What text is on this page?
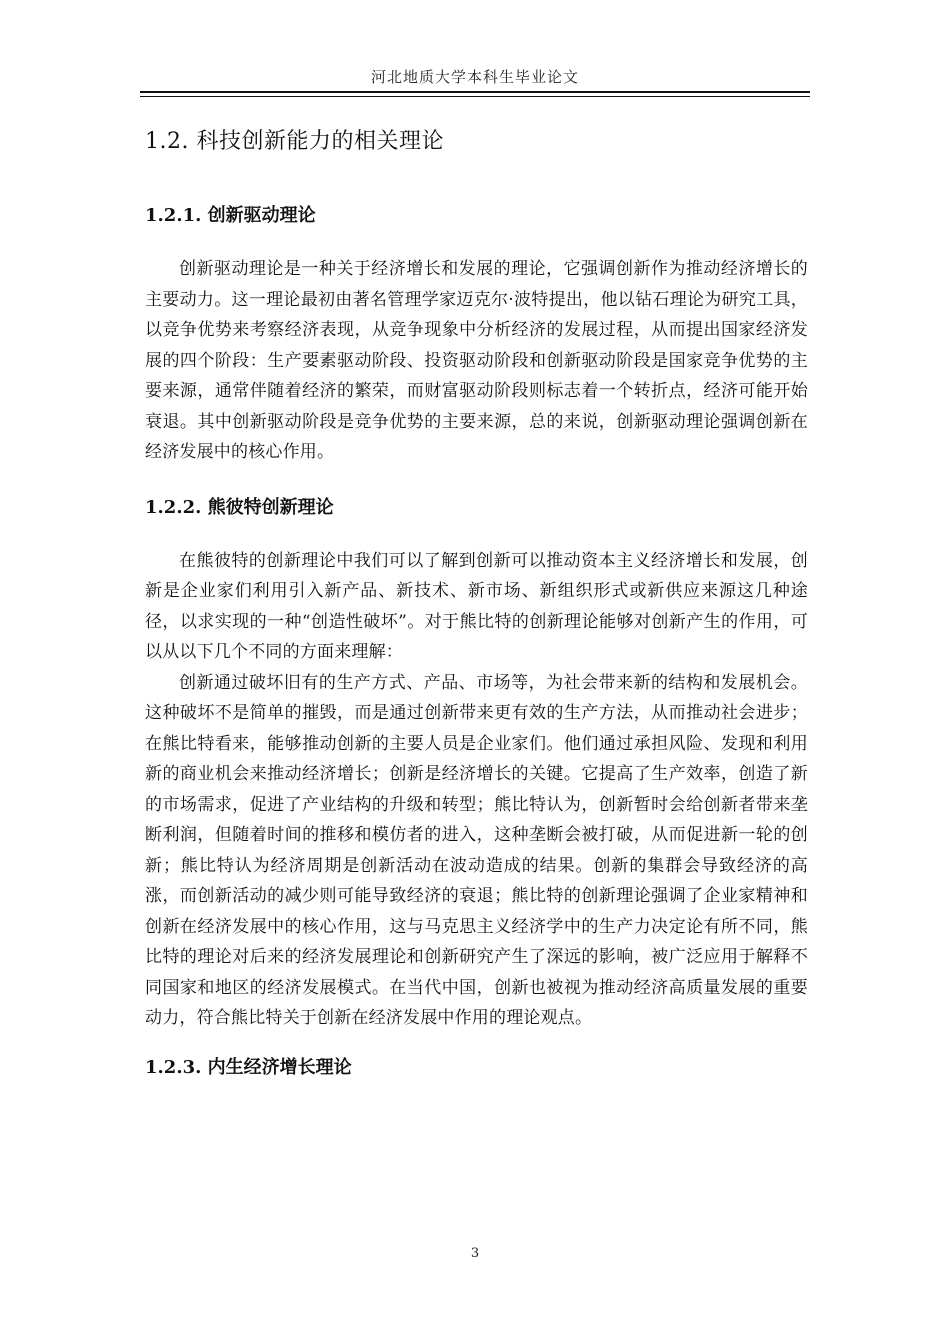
河北地质大学本科生毕业论文
1.2. 科技创新能力的相关理论
1.2.1. 创新驱动理论

创新驱动理论是一种关于经济增长和发展的理论，它强调创新作为推动经济增长的主要动力。这一理论最初由著名管理学家迈克尔·波特提出，他以钻石理论为研究工具，以竞争优势来考察经济表现，从竞争现象中分析经济的发展过程，从而提出国家经济发展的四个阶段：生产要素驱动阶段、投资驱动阶段和创新驱动阶段是国家竞争优势的主要来源，通常伴随着经济的繁荣，而财富驱动阶段则标志着一个转折点，经济可能开始衰退。其中创新驱动阶段是竞争优势的主要来源，总的来说，创新驱动理论强调创新在经济发展中的核心作用。

1.2.2. 熊彼特创新理论

在熊彼特的创新理论中我们可以了解到创新可以推动资本主义经济增长和发展，创新是企业家们利用引入新产品、新技术、新市场、新组织形式或新供应来源这几种途径，以求实现的一种“创造性破坏”。对于熊比特的创新理论能够对创新产生的作用，可以从以下几个不同的方面来理解：

创新通过破坏旧有的生产方式、产品、市场等，为社会带来新的结构和发展机会。这种破坏不是简单的摧毁，而是通过创新带来更有效的生产方法，从而推动社会进步；在熊比特看来，能够推动创新的主要人员是企业家们。他们通过承担风险、发现和利用新的商业机会来推动经济增长；创新是经济增长的关键。它提高了生产效率，创造了新的市场需求，促进了产业结构的升级和转型；熊比特认为，创新暂时会给创新者带来垄断利润，但随着时间的推移和模仿者的进入，这种垄断会被打破，从而促进新一轮的创新；熊比特认为经济周期是创新活动在波动造成的结果。创新的集群会导致经济的高涨，而创新活动的减少则可能导致经济的衰退；熊比特的创新理论强调了企业家精神和创新在经济发展中的核心作用，这与马克思主义经济学中的生产力决定论有所不同，熊比特的理论对后来的经济发展理论和创新研究产生了深远的影响，被广泛应用于解释不同国家和地区的经济发展模式。在当代中国，创新也被视为推动经济高质量发展的重要动力，符合熊比特关于创新在经济发展中作用的理论观点。

1.2.3. 内生经济增长理论
3
